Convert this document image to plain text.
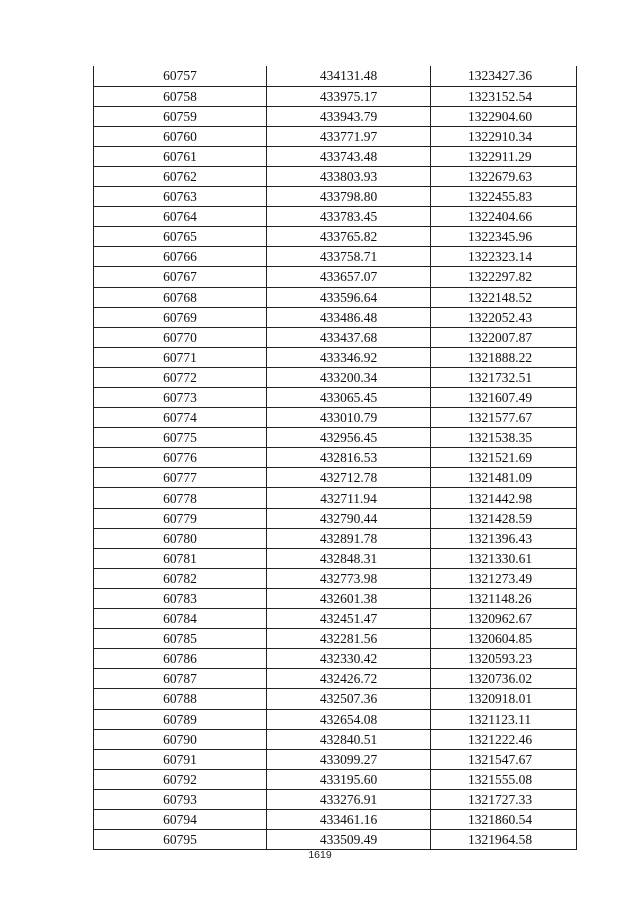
60757	434131.48	1323427.36
60758	433975.17	1323152.54
60759	433943.79	1322904.60
60760	433771.97	1322910.34
60761	433743.48	1322911.29
60762	433803.93	1322679.63
60763	433798.80	1322455.83
60764	433783.45	1322404.66
60765	433765.82	1322345.96
60766	433758.71	1322323.14
60767	433657.07	1322297.82
60768	433596.64	1322148.52
60769	433486.48	1322052.43
60770	433437.68	1322007.87
60771	433346.92	1321888.22
60772	433200.34	1321732.51
60773	433065.45	1321607.49
60774	433010.79	1321577.67
60775	432956.45	1321538.35
60776	432816.53	1321521.69
60777	432712.78	1321481.09
60778	432711.94	1321442.98
60779	432790.44	1321428.59
60780	432891.78	1321396.43
60781	432848.31	1321330.61
60782	432773.98	1321273.49
60783	432601.38	1321148.26
60784	432451.47	1320962.67
60785	432281.56	1320604.85
60786	432330.42	1320593.23
60787	432426.72	1320736.02
60788	432507.36	1320918.01
60789	432654.08	1321123.11
60790	432840.51	1321222.46
60791	433099.27	1321547.67
60792	433195.60	1321555.08
60793	433276.91	1321727.33
60794	433461.16	1321860.54
60795	433509.49	1321964.58
1619
